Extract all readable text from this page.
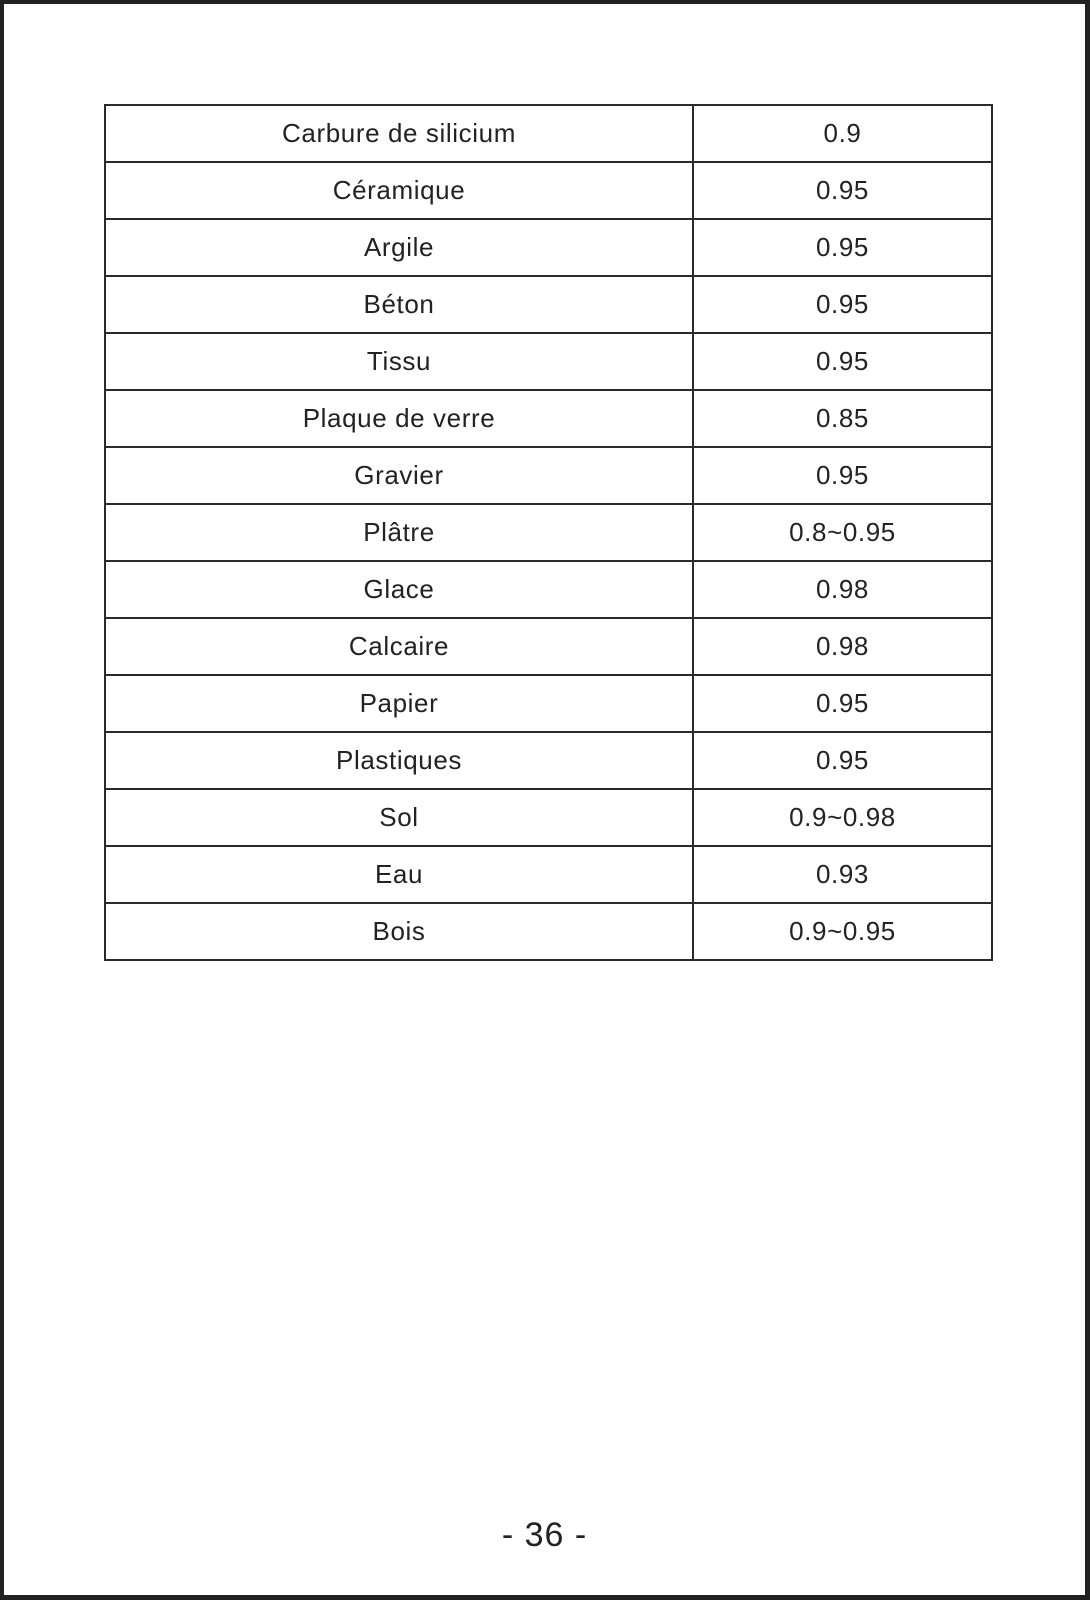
Carbure de silicium	0.9
Céramique	0.95
Argile	0.95
Béton	0.95
Tissu	0.95
Plaque de verre	0.85
Gravier	0.95
Plâtre	0.8~0.95
Glace	0.98
Calcaire	0.98
Papier	0.95
Plastiques	0.95
Sol	0.9~0.98
Eau	0.93
Bois	0.9~0.95
- 36 -
